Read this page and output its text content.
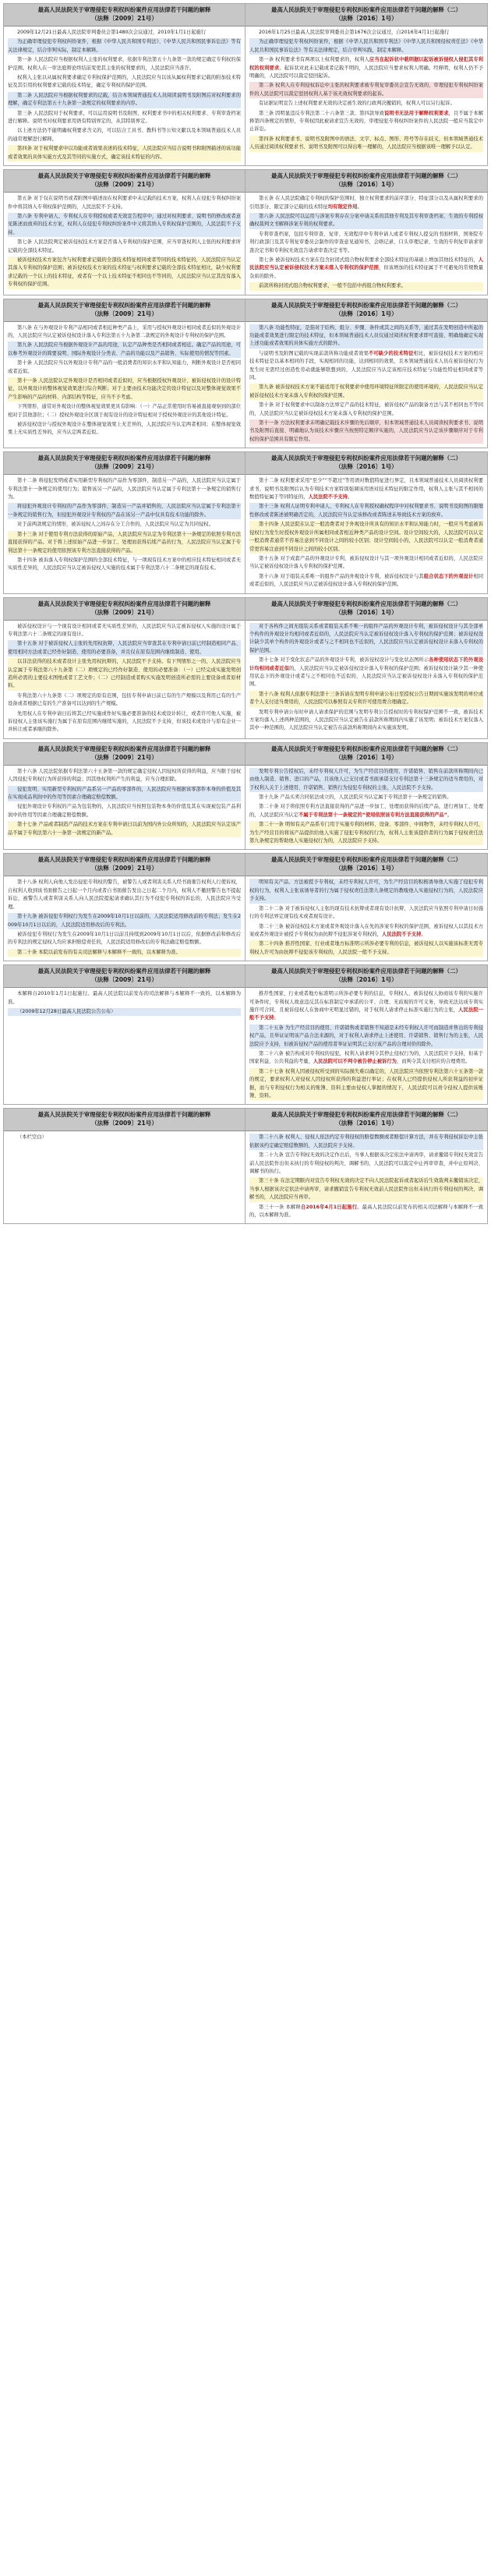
最高人民法院关于审理侵犯专利权纠纷案件应用法律若干问题的解释
（法释〔2009〕21号）

2009年12月21日最高人民法院审判委员会第1480次会议通过，2010年1月1日起施行

为正确审理侵犯专利权纠纷案件，根据《中华人民共和国专利法》、《中华人民共和国民事诉讼法》等有关法律规定，结合审判实际，制定本解释。

第一条 人民法院应当根据权利人主张的权利要求，依据专利法第五十九条第一款的规定确定专利权的保护范围。权利人在一审法庭辩论终结前变更其主张的权利要求的，人民法院应当准许。

权利人主张以从属权利要求确定专利权保护范围的，人民法院应当以该从属权利要求记载的附加技术特征及其引用的权利要求记载的技术特征，确定专利权的保护范围。

第二条 人民法院应当根据权利要求的记载，结合本领域普通技术人员阅读说明书及附图后对权利要求的理解，确定专利法第五十九条第一款规定的权利要求的内容。

第三条 人民法院对于权利要求，可以运用说明书及附图、权利要求书中的相关权利要求、专利审查档案进行解释。说明书对权利要求用语有特别界定的，从其特别界定。

以上述方法仍不能明确权利要求含义的，可以结合工具书、教科书等公知文献以及本领域普通技术人员的通常理解进行解释。

第四条 对于权利要求中以功能或者效果表述的技术特征，人民法院应当结合说明书和附图描述的该功能或者效果的具体实施方式及其等同的实施方式，确定该技术特征的内容。

最高人民法院关于审理侵犯专利权纠纷案件应用法律若干问题的解释（二）
（法释〔2016〕1号）

2016年1月25日最高人民法院审判委员会第1676次会议通过，自2016年4月1日起施行

为正确审理侵犯专利权纠纷案件，根据《中华人民共和国专利法》《中华人民共和国侵权责任法》《中华人民共和国民事诉讼法》等有关法律规定，结合审判实践，制定本解释。

第一条 权利要求书有两项以上权利要求的，权利人应当在起诉状中载明据以起诉被诉侵权人侵犯其专利权的权利要求。起诉状对此未记载或者记载不明的，人民法院应当要求权利人明确。经释明，权利人仍不予明确的，人民法院可以裁定驳回起诉。

第二条 权利人在专利侵权诉讼中主张的权利要求被专利复审委员会宣告无效的，审理侵犯专利权纠纷案件的人民法院可以裁定驳回权利人基于该无效权利要求的起诉。

有证据证明宣告上述权利要求无效的决定被生效的行政判决撤销的，权利人可以另行起诉。

第三条 因明显违反专利法第二十六条第三款、第四款导致说明书无法用于解释权利要求，且不属于本解释第四条规定的情形，专利权因此被请求宣告无效的，审理侵犯专利权纠纷案件的人民法院一般应当裁定中止诉讼。

第四条 权利要求书、说明书及附图中的语法、文字、标点、图形、符号等存在歧义，但本领域普通技术人员通过阅读权利要求书、说明书及附图可以得出唯一理解的，人民法院应当根据该唯一理解予以认定。

最高人民法院关于审理侵犯专利权纠纷案件应用法律若干问题的解释
（法释〔2009〕21号）

第五条 对于仅在说明书或者附图中描述而在权利要求中未记载的技术方案，权利人在侵犯专利权纠纷案件中将其纳入专利权保护范围的，人民法院不予支持。

第六条 专利申请人、专利权人在专利授权或者无效宣告程序中，通过对权利要求、说明书的修改或者意见陈述而放弃的技术方案，权利人在侵犯专利权纠纷案件中又将其纳入专利权保护范围的，人民法院不予支持。

第七条 人民法院判定被诉侵权技术方案是否落入专利权的保护范围，应当审查权利人主张的权利要求所记载的全部技术特征。

被诉侵权技术方案包含与权利要求记载的全部技术特征相同或者等同的技术特征的，人民法院应当认定其落入专利权的保护范围；被诉侵权技术方案的技术特征与权利要求记载的全部技术特征相比，缺少权利要求记载的一个以上的技术特征，或者有一个以上技术特征不相同也不等同的，人民法院应当认定其没有落入专利权的保护范围。

最高人民法院关于审理侵犯专利权纠纷案件应用法律若干问题的解释（二）
（法释〔2016〕1号）

第五条 在人民法院确定专利权的保护范围时，独立权利要求的前序部分、特征部分以及从属权利要求的引用部分、限定部分记载的技术特征均有限定作用。

第六条 人民法院可以运用与涉案专利存在分案申请关系的其他专利及其专利审查档案、生效的专利授权确权裁判文书解释涉案专利的权利要求。

专利审查档案，包括专利审查、复审、无效程序中专利申请人或者专利权人提交的书面材料，国务院专利行政部门及其专利复审委员会制作的审查意见通知书、会晤记录、口头审理记录、生效的专利复审请求审查决定书和专利权无效宣告请求审查决定书等。

第七条 被诉侵权技术方案在包含封闭式组合物权利要求全部技术特征的基础上增加其他技术特征的，人民法院应当认定被诉侵权技术方案未落入专利权的保护范围，但该增加的技术特征属于不可避免的常规数量杂质的除外。

前款所称封闭式组合物权利要求，一般不包括中药组合物权利要求。

最高人民法院关于审理侵犯专利权纠纷案件应用法律若干问题的解释
（法释〔2009〕21号）

第八条 在与外观设计专利产品相同或者相近种类产品上，采用与授权外观设计相同或者近似的外观设计的，人民法院应当认定被诉侵权设计落入专利法第五十九条第二款规定的外观设计专利权的保护范围。

第九条 人民法院应当根据外观设计产品的用途，认定产品种类是否相同或者相近。确定产品的用途，可以参考外观设计的简要说明、国际外观设计分类表、产品的功能以及产品销售、实际使用的情况等因素。

第十条 人民法院应当以外观设计专利产品的一般消费者的知识水平和认知能力，判断外观设计是否相同或者近似。

第十一条 人民法院认定外观设计是否相同或者近似时，应当根据授权外观设计、被诉侵权设计的设计特征，以外观设计的整体视觉效果进行综合判断；对于主要由技术功能决定的设计特征以及对整体视觉效果不产生影响的产品的材料、内部结构等特征，应当不予考虑。

下列情形，通常对外观设计的整体视觉效果更具有影响：（一）产品正常使用时容易被直接观察到的部位相对于其他部位；（二）授权外观设计区别于现有设计的设计特征相对于授权外观设计的其他设计特征。

被诉侵权设计与授权外观设计在整体视觉效果上无差异的，人民法院应当认定两者相同；在整体视觉效果上无实质性差异的，应当认定两者近似。

最高人民法院关于审理侵犯专利权纠纷案件应用法律若干问题的解释（二）
（法释〔2016〕1号）

第八条 功能性特征，是指对于结构、组分、步骤、条件或其之间的关系等，通过其在发明创造中所起的功能或者效果进行限定的技术特征，但本领域普通技术人员仅通过阅读权利要求即可直接、明确地确定实现上述功能或者效果的具体实施方式的除外。

与说明书及附图记载的实现前款所称功能或者效果不可缺少的技术特征相比，被诉侵权技术方案的相应技术特征是以基本相同的手段，实现相同的功能，达到相同的效果，且本领域普通技术人员在被诉侵权行为发生时无需经过创造性劳动就能够联想到的，人民法院应当认定该相应技术特征与功能性特征相同或者等同。

第九条 被诉侵权技术方案不能适用于权利要求中使用环境特征所限定的使用环境的，人民法院应当认定被诉侵权技术方案未落入专利权的保护范围。

第十条 对于权利要求中以制备方法界定产品的技术特征，被诉侵权产品的制备方法与其不相同也不等同的，人民法院应当认定被诉侵权技术方案未落入专利权的保护范围。

第十一条 方法权利要求未明确记载技术步骤的先后顺序，但本领域普通技术人员阅读权利要求书、说明书及附图后直接、明确地认为该技术步骤应当按照特定顺序实施的，人民法院应当认定该步骤顺序对于专利权的保护范围具有限定作用。

最高人民法院关于审理侵犯专利权纠纷案件应用法律若干问题的解释
（法释〔2009〕21号）

第十二条 将侵犯发明或者实用新型专利权的产品作为零部件，制造另一产品的，人民法院应当认定属于专利法第十一条规定的使用行为；销售该另一产品的，人民法院应当认定属于专利法第十一条规定的销售行为。

将侵犯外观设计专利权的产品作为零部件，制造另一产品并销售的，人民法院应当认定属于专利法第十一条规定的销售行为，但侵犯外观设计专利权的产品在该另一产品中仅具有技术功能的除外。

对于前两款规定的情形，被诉侵权人之间存在分工合作的，人民法院应当认定为共同侵权。

第十三条 对于使用专利方法获得的原始产品，人民法院应当认定为专利法第十一条规定的依照专利方法直接获得的产品。对于将上述原始产品进一步加工、处理而获得后续产品的行为，人民法院应当认定属于专利法第十一条规定的使用依照该专利方法直接获得的产品。

第十四条 被诉落入专利权保护范围的全部技术特征，与一项现有技术方案中的相应技术特征相同或者无实质性差异的，人民法院应当认定被诉侵权人实施的技术属于专利法第六十二条规定的现有技术。

最高人民法院关于审理侵犯专利权纠纷案件应用法律若干问题的解释（二）
（法释〔2016〕1号）

第十二条 权利要求采用“至少”“不超过”等用语对数值特征进行界定，且本领域普通技术人员阅读权利要求书、说明书及附图后认为专利技术方案特别强调该用语对技术特征的限定作用，权利人主张与其不相同的数值特征属于等同特征的，人民法院不予支持。

第十三条 权利人证明专利申请人、专利权人在专利授权确权程序中对权利要求书、说明书及附图的限缩性修改或者陈述被明确否定的，人民法院应当认定该修改或者陈述未导致技术方案的放弃。

第十四条 人民法院在认定一般消费者对于外观设计所具有的知识水平和认知能力时，一般应当考虑被诉侵权行为发生时授权外观设计所属相同或者相近种类产品的设计空间。设计空间较大的，人民法院可以认定一般消费者通常不容易注意到不同设计之间的较小区别；设计空间较小的，人民法院可以认定一般消费者通常更容易注意到不同设计之间的较小区别。

第十五条 对于成套产品的外观设计专利，被诉侵权设计与其一项外观设计相同或者近似的，人民法院应当认定被诉侵权设计落入专利权的保护范围。

第十六条 对于组装关系唯一的组件产品的外观设计专利，被诉侵权设计与其组合状态下的外观设计相同或者近似的，人民法院应当认定被诉侵权设计落入专利权的保护范围。

最高人民法院关于审理侵犯专利权纠纷案件应用法律若干问题的解释
（法释〔2009〕21号）

被诉侵权设计与一个现有设计相同或者无实质性差异的，人民法院应当认定被诉侵权人实施的设计属于专利法第六十二条规定的现有设计。

第十五条 对于被诉侵权人主张的先用权抗辩，人民法院应当审查其在专利申请日前已经制造相同产品、使用相同方法或者已经作好制造、使用的必要准备，并且仅在原有范围内继续制造、使用。

以非法获得的技术或者设计主张先用权抗辩的，人民法院不予支持。有下列情形之一的，人民法院应当认定属于专利法第六十九条第（二）项规定的已经作好制造、使用的必要准备：（一）已经完成实施发明创造所必需的主要技术图纸或者工艺文件；（二）已经制造或者购买实施发明创造所必需的主要设备或者原材料。

专利法第六十九条第（二）项规定的原有范围，包括专利申请日前已有的生产规模以及利用已有的生产设备或者根据已有的生产准备可以达到的生产规模。

先用权人在专利申请日后将其已经实施或作好实施必要准备的技术或设计转让，或者许可他人实施，被诉侵权人主张该实施行为属于在原有范围内继续实施的，人民法院不予支持，但该技术或设计与原有企业一并转让或者承继的除外。

最高人民法院关于审理侵犯专利权纠纷案件应用法律若干问题的解释（二）
（法释〔2016〕1号）

对于各构件之间无组装关系或者组装关系不唯一的组件产品的外观设计专利，被诉侵权设计与其全部单个构件的外观设计均相同或者近似的，人民法院应当认定被诉侵权设计落入专利权的保护范围；被诉侵权设计缺少其单个构件的外观设计或者与之不相同也不近似的，人民法院应当认定被诉侵权设计未落入专利权的保护范围。

第十七条 对于变化状态产品的外观设计专利，被诉侵权设计与变化状态图所示各种使用状态下的外观设计均相同或者近似的，人民法院应当认定被诉侵权设计落入专利权的保护范围；被诉侵权设计缺少其一种使用状态下的外观设计或者与之不相同也不近似的，人民法院应当认定被诉侵权设计未落入专利权的保护范围。

第十八条 权利人依据专利法第十三条诉请在发明专利申请公布日至授权公告日期间实施该发明的单位或者个人支付适当费用的，人民法院可以参照有关专利许可使用费合理确定。

发明专利申请公布时申请人请求保护的范围与发明专利公告授权时的专利权保护范围不一致，被诉技术方案均落入上述两种范围的，人民法院应当认定被告在前款所称期间内实施了该发明；被诉技术方案仅落入其中一种范围的，人民法院应当认定被告在前款所称期间内未实施该发明。

最高人民法院关于审理侵犯专利权纠纷案件应用法律若干问题的解释
（法释〔2009〕21号）

第十六条 人民法院依据专利法第六十五条第一款的规定确定侵权人因侵权所获得的利益，应当限于侵权人因侵犯专利权行为所获得的利益；因其他权利所产生的利益，应当合理扣除。

侵犯发明、实用新型专利权的产品系另一产品的零部件的，人民法院应当根据该零部件本身的价值及其在实现成品利润中的作用等因素合理确定赔偿数额。

侵犯外观设计专利权的产品为包装物的，人民法院应当按照包装物本身的价值及其在实现被包装产品利润中的作用等因素合理确定赔偿数额。

第十七条 产品或者制造产品的技术方案在专利申请日以前为国内外公众所知的，人民法院应当认定该产品不属于专利法第六十一条第一款规定的新产品。

最高人民法院关于审理侵犯专利权纠纷案件应用法律若干问题的解释（二）
（法释〔2016〕1号）

发明专利公告授权后，未经专利权人许可，为生产经营目的使用、许诺销售、销售在前款所称期间内已由他人制造、销售、进口的产品，且该他人已支付或者书面承诺支付专利法第十三条规定的适当费用的，对于权利人关于上述使用、许诺销售、销售行为侵犯专利权的主张，人民法院不予支持。

第十九条 产品买卖合同依法成立的，人民法院应当认定属于专利法第十一条规定的销售。

第二十条 对于将依照专利方法直接获得的产品进一步加工、处理而获得的后续产品，进行再加工、处理的，人民法院应当认定不属于专利法第十一条规定的“使用依照该专利方法直接获得的产品”。

第二十一条 明知有关产品系专门用于实施专利的材料、设备、零部件、中间物等，未经专利权人许可，为生产经营目的将该产品提供给他人实施了侵犯专利权的行为，权利人主张该提供者的行为属于侵权责任法第九条规定的帮助他人实施侵权行为的，人民法院应予支持。

最高人民法院关于审理侵犯专利权纠纷案件应用法律若干问题的解释
（法释〔2009〕21号）

第十八条 权利人向他人发出侵犯专利权的警告，被警告人或者利害关系人经书面催告权利人行使诉权，自权利人收到该书面催告之日起一个月内或者自书面催告发出之日起二个月内，权利人不撤回警告也不提起诉讼，被警告人或者利害关系人向人民法院提起请求确认其行为不侵犯专利权的诉讼的，人民法院应当受理。

第十九条 被诉侵犯专利权行为发生在2009年10月1日以前的，人民法院适用修改前的专利法；发生在2009年10月1日以后的，人民法院适用修改后的专利法。

被诉侵犯专利权行为发生在2009年10月1日以前且持续到2009年10月1日以后，依据修改前和修改后的专利法的规定侵权人均应承担赔偿责任的，人民法院适用修改后的专利法确定赔偿数额。

第二十条 本院以前发布的有关司法解释与本解释不一致的，以本解释为准。

最高人民法院关于审理侵犯专利权纠纷案件应用法律若干问题的解释（二）
（法释〔2016〕1号）

明知有关产品、方法被授予专利权，未经专利权人许可，为生产经营目的积极诱导他人实施了侵犯专利权的行为，权利人主张该诱导者的行为属于侵权责任法第九条规定的教唆他人实施侵权行为的，人民法院应予支持。

第二十二条 对于被诉侵权人主张的现有技术抗辩或者现有设计抗辩，人民法院应当依照专利申请日时施行的专利法界定现有技术或者现有设计。

第二十三条 被诉侵权技术方案或者外观设计落入在先的涉案专利权的保护范围，被诉侵权人以其技术方案或者外观设计被授予专利权为由抗辩不侵犯涉案专利权的，人民法院不予支持。

第二十四条 推荐性国家、行业或者地方标准明示所涉必要专利的信息，被诉侵权人以实施该标准无需专利权人许可为由抗辩不侵犯该专利权的，人民法院一般不予支持。

最高人民法院关于审理侵犯专利权纠纷案件应用法律若干问题的解释
（法释〔2009〕21号）

本解释自2010年1月1日起施行。最高人民法院以前发布的司法解释与本解释不一致的，以本解释为准。

（2009年12月28日最高人民法院公告公布）

最高人民法院关于审理侵犯专利权纠纷案件应用法律若干问题的解释（二）
（法释〔2016〕1号）

推荐性国家、行业或者地方标准明示所涉必要专利的信息，专利权人、被诉侵权人协商该专利的实施许可条件时，专利权人故意违反其在标准制定中承诺的公平、合理、无歧视的许可义务，导致无法达成专利实施许可合同，且被诉侵权人在协商中无明显过错的，对于权利人请求停止标准实施行为的主张，人民法院一般不予支持。

第二十五条 为生产经营目的使用、许诺销售或者销售不知道是未经专利权人许可而制造并售出的专利侵权产品，且举证证明该产品合法来源的，对于权利人请求停止上述使用、许诺销售、销售行为的主张，人民法院应予支持，但被诉侵权产品的使用者举证证明其已支付该产品的合理对价的除外。

第二十六条 被告构成对专利权的侵犯，权利人请求判令其停止侵权行为的，人民法院应予支持，但基于国家利益、公共利益的考量，人民法院可以不判令被告停止被诉行为，而判令其支付相应的合理费用。

第二十七条 权利人因被侵权所受到的实际损失难以确定的，人民法院应当依照专利法第六十五条第一款的规定，要求权利人对侵权人因侵权所获得的利益进行举证；在权利人已经提供侵权人所获利益的初步证据，而与专利侵权行为相关的账簿、资料主要由侵权人掌握的情况下，人民法院可以责令侵权人提供该账簿、资料。

最高人民法院关于审理侵犯专利权纠纷案件应用法律若干问题的解释
（法释〔2009〕21号）

（本栏空白）

最高人民法院关于审理侵犯专利权纠纷案件应用法律若干问题的解释（二）
（法释〔2016〕1号）

第二十八条 权利人、侵权人依法约定专利侵权的赔偿数额或者赔偿计算方法，并在专利侵权诉讼中主张依据该约定确定赔偿数额的，人民法院应予支持。

第二十九条 宣告专利权无效的决定作出后，当事人根据该决定依法申请再审，请求撤销专利权无效宣告前人民法院作出但未执行的专利侵权的判决、调解书的，人民法院可以裁定中止再审审查，并中止原判决、调解书的执行。

第三十条 在法定期限内对宣告专利权无效的决定不向人民法院起诉或者起诉后生效裁判未撤销该决定，当事人根据该决定依法申请再审，请求撤销宣告专利权无效前人民法院作出但未执行的专利侵权的判决、调解书的，人民法院应当再审。

第三十一条 本解释自2016年4月1日起施行。最高人民法院以前发布的相关司法解释与本解释不一致的，以本解释为准。
